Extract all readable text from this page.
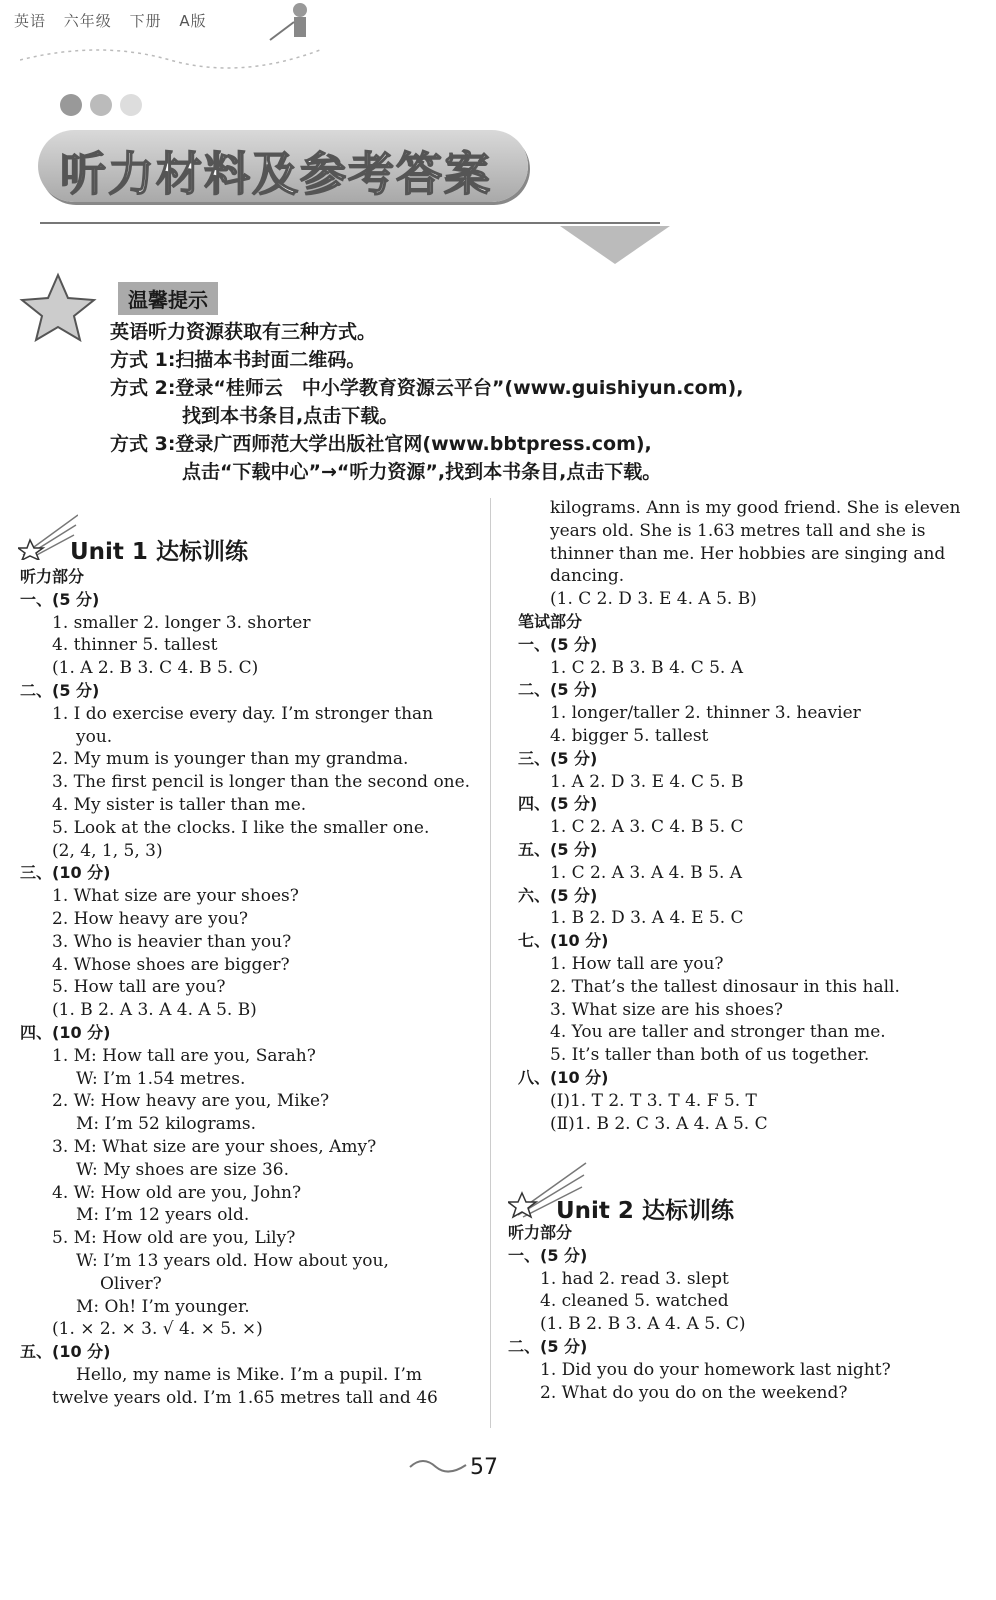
英语 六年级 下册 A版
听力材料及参考答案
温馨提示
英语听力资源获取有三种方式。
方式 1:扫描本书封面二维码。
方式 2:登录“桂师云　中小学教育资源云平台”(www.guishiyun.com),
找到本书条目,点击下载。
方式 3:登录广西师范大学出版社官网(www.bbtpress.com),
点击“下载中心”→“听力资源”,找到本书条目,点击下载。
Unit 1 达标训练
听力部分
一、(5 分)
1. smaller 2. longer 3. shorter
4. thinner 5. tallest
(1. A 2. B 3. C 4. B 5. C)
二、(5 分)
1. I do exercise every day. I’m stronger than
you.
2. My mum is younger than my grandma.
3. The first pencil is longer than the second one.
4. My sister is taller than me.
5. Look at the clocks. I like the smaller one.
(2, 4, 1, 5, 3)
三、(10 分)
1. What size are your shoes?
2. How heavy are you?
3. Who is heavier than you?
4. Whose shoes are bigger?
5. How tall are you?
(1. B 2. A 3. A 4. A 5. B)
四、(10 分)
1. M: How tall are you, Sarah?
W: I’m 1.54 metres.
2. W: How heavy are you, Mike?
M: I’m 52 kilograms.
3. M: What size are your shoes, Amy?
W: My shoes are size 36.
4. W: How old are you, John?
M: I’m 12 years old.
5. M: How old are you, Lily?
W: I’m 13 years old. How about you,
Oliver?
M: Oh! I’m younger.
(1. × 2. × 3. √ 4. × 5. ×)
五、(10 分)
Hello, my name is Mike. I’m a pupil. I’m
twelve years old. I’m 1.65 metres tall and 46
kilograms. Ann is my good friend. She is eleven
years old. She is 1.63 metres tall and she is
thinner than me. Her hobbies are singing and
dancing.
(1. C 2. D 3. E 4. A 5. B)
笔试部分
一、(5 分)
1. C 2. B 3. B 4. C 5. A
二、(5 分)
1. longer/taller 2. thinner 3. heavier
4. bigger 5. tallest
三、(5 分)
1. A 2. D 3. E 4. C 5. B
四、(5 分)
1. C 2. A 3. C 4. B 5. C
五、(5 分)
1. C 2. A 3. A 4. B 5. A
六、(5 分)
1. B 2. D 3. A 4. E 5. C
七、(10 分)
1. How tall are you?
2. That’s the tallest dinosaur in this hall.
3. What size are his shoes?
4. You are taller and stronger than me.
5. It’s taller than both of us together.
八、(10 分)
(Ⅰ)1. T 2. T 3. T 4. F 5. T
(Ⅱ)1. B 2. C 3. A 4. A 5. C
Unit 2 达标训练
听力部分
一、(5 分)
1. had 2. read 3. slept
4. cleaned 5. watched
(1. B 2. B 3. A 4. A 5. C)
二、(5 分)
1. Did you do your homework last night?
2. What do you do on the weekend?
57
